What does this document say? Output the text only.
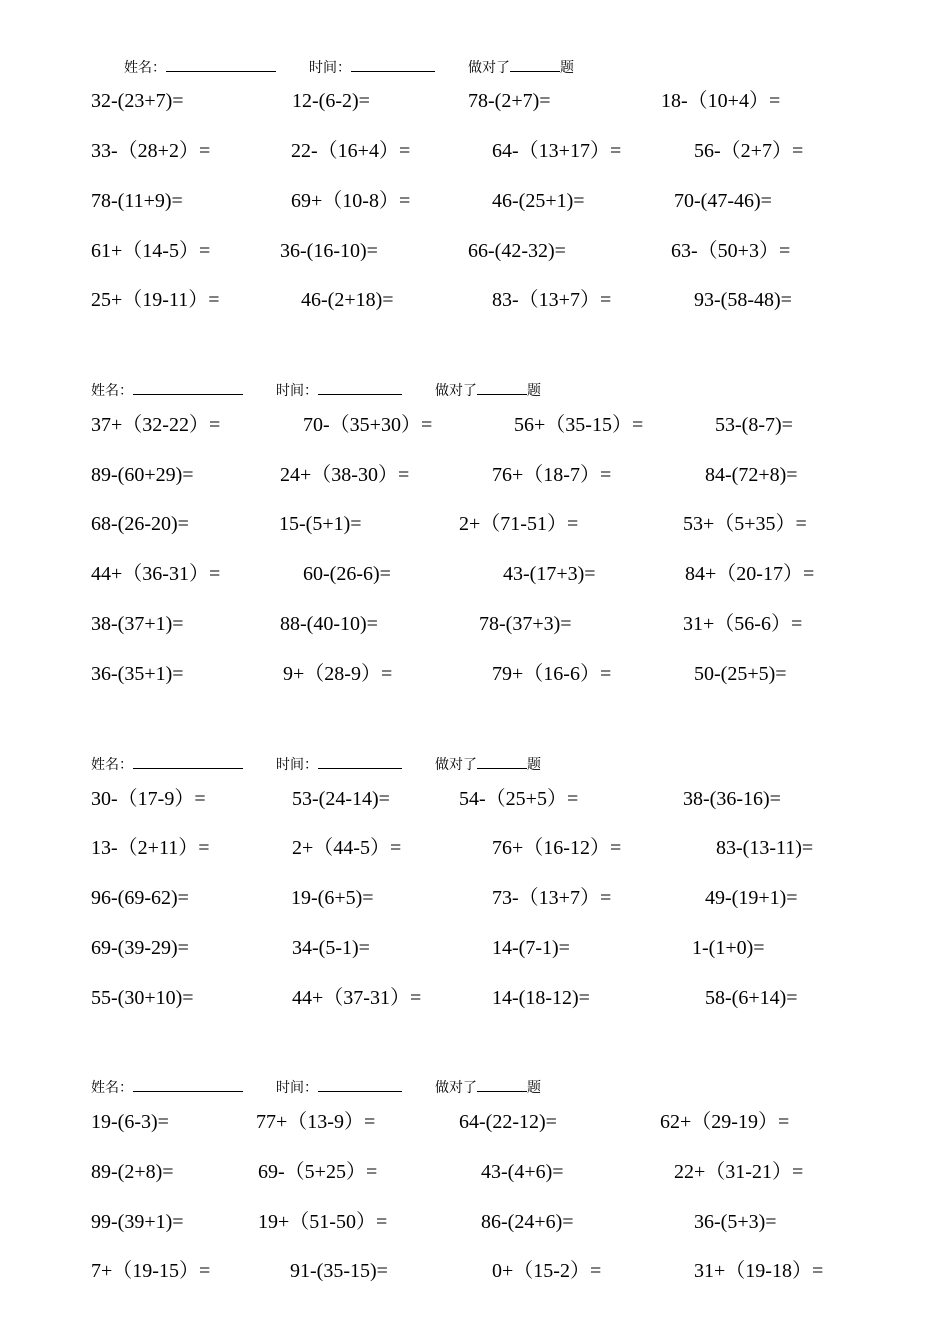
姓名：	时间：	做对了	题
32-(23+7)=	12-(6-2)=	78-(2+7)=	18-（10+4）=
33-（28+2）=	22-（16+4）=	64-（13+17）=	56-（2+7）=
78-(11+9)=	69+（10-8）=	46-(25+1)=	70-(47-46)=
61+（14-5）=	36-(16-10)=	66-(42-32)=	63-（50+3）=
25+（19-11）=	46-(2+18)=	83-（13+7）=	93-(58-48)=
姓名：	时间：	做对了	题
37+（32-22）=	70-（35+30）=	56+（35-15）=	53-(8-7)=
89-(60+29)=	24+（38-30）=	76+（18-7）=	84-(72+8)=
68-(26-20)=	15-(5+1)=	2+（71-51）=	53+（5+35）=
44+（36-31）=	60-(26-6)=	43-(17+3)=	84+（20-17）=
38-(37+1)=	88-(40-10)=	78-(37+3)=	31+（56-6）=
36-(35+1)=	9+（28-9）=	79+（16-6）=	50-(25+5)=
姓名：	时间：	做对了	题
30-（17-9）=	53-(24-14)=	54-（25+5）=	38-(36-16)=
13-（2+11）=	2+（44-5）=	76+（16-12）=	83-(13-11)=
96-(69-62)=	19-(6+5)=	73-（13+7）=	49-(19+1)=
69-(39-29)=	34-(5-1)=	14-(7-1)=	1-(1+0)=
55-(30+10)=	44+（37-31）=	14-(18-12)=	58-(6+14)=
姓名：	时间：	做对了	题
19-(6-3)=	77+（13-9）=	64-(22-12)=	62+（29-19）=
89-(2+8)=	69-（5+25）=	43-(4+6)=	22+（31-21）=
99-(39+1)=	19+（51-50）=	86-(24+6)=	36-(5+3)=
7+（19-15）=	91-(35-15)=	0+（15-2）=	31+（19-18）=
